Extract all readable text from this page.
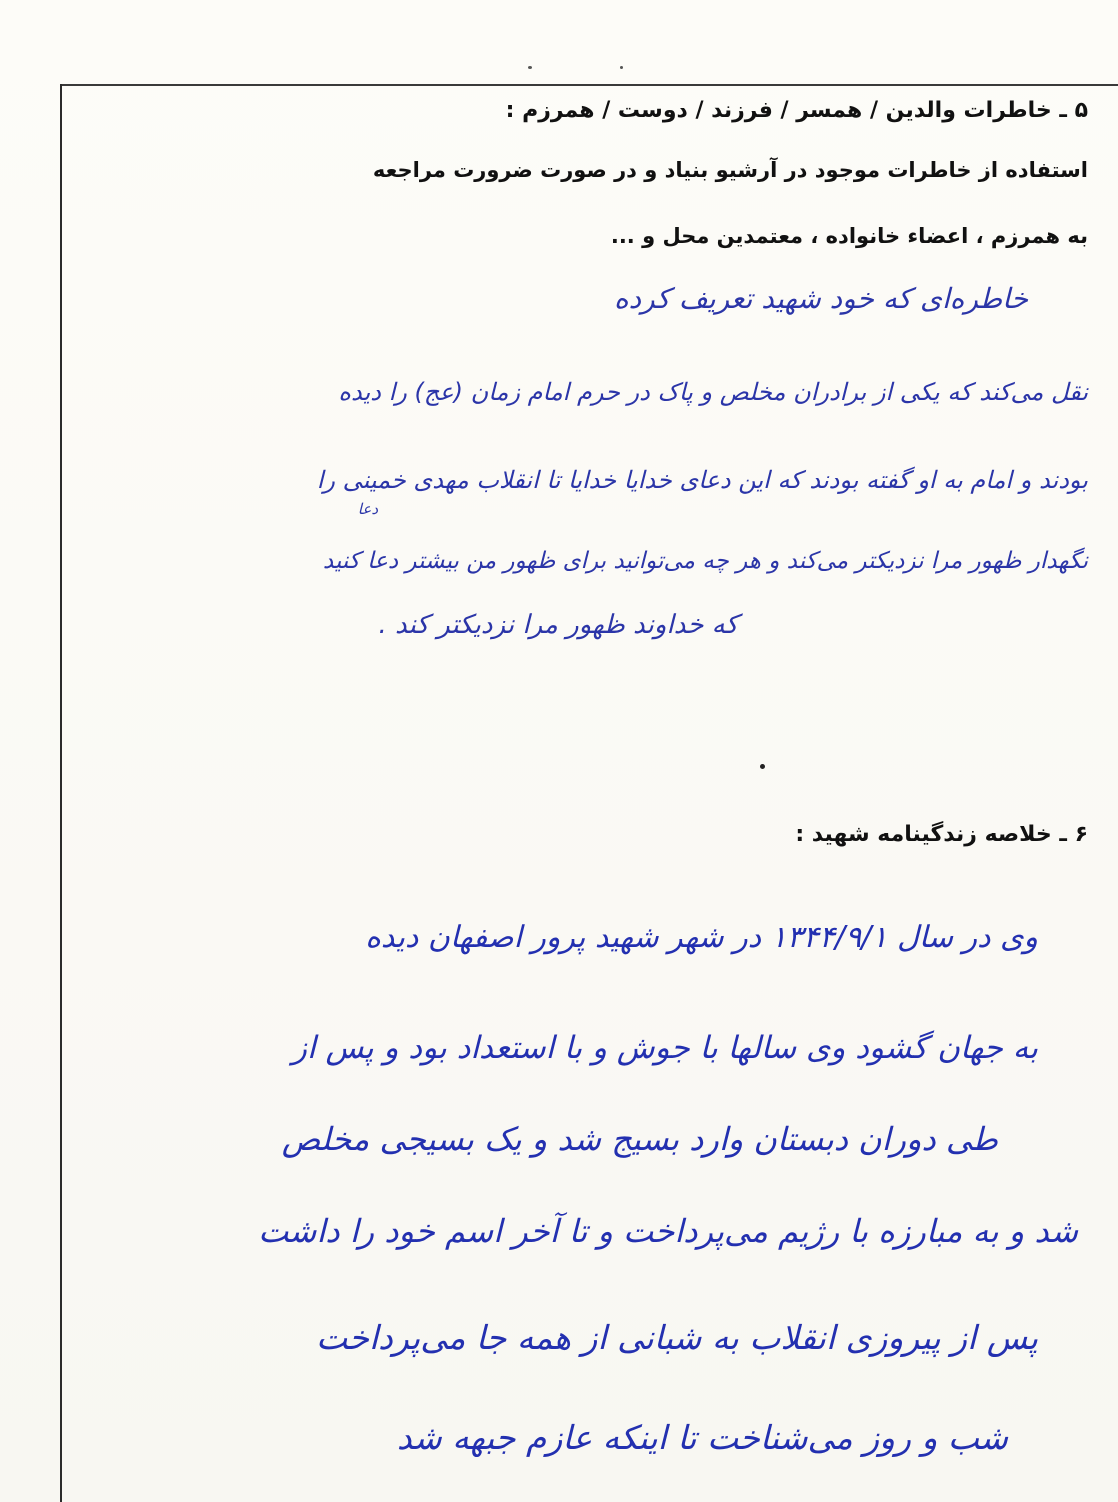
۵ ـ خاطرات والدین / همسر / فرزند / دوست / همرزم :
استفاده از خاطرات موجود در آرشیو بنیاد و در صورت ضرورت مراجعه
به همرزم ، اعضاء خانواده ، معتمدین محل و ...
خاطره‌ای که خود شهید تعریف کرده
نقل می‌کند که یکی از برادران مخلص و پاک در حرم امام زمان (عج) را دیده
بودند و امام به او گفته بودند که این دعای خدایا خدایا تا انقلاب مهدی خمینی را
دعا
نگهدار ظهور مرا نزدیکتر می‌کند و هر چه می‌توانید برای ظهور من بیشتر دعا کنید
که خداوند ظهور مرا نزدیکتر کند .
۶ ـ خلاصه زندگینامه شهید :
وی در سال ۱۳۴۴/۹/۱ در شهر شهید پرور اصفهان دیده
به جهان گشود وی سالها با جوش و با استعداد بود و پس از
طی دوران دبستان وارد بسیج شد و یک بسیجی مخلص
شد و به مبارزه با رژیم می‌پرداخت و تا آخر اسم خود را داشت
پس از پیروزی انقلاب به شبانی از همه جا می‌پرداخت
شب و روز می‌شناخت تا اینکه عازم جبهه شد
